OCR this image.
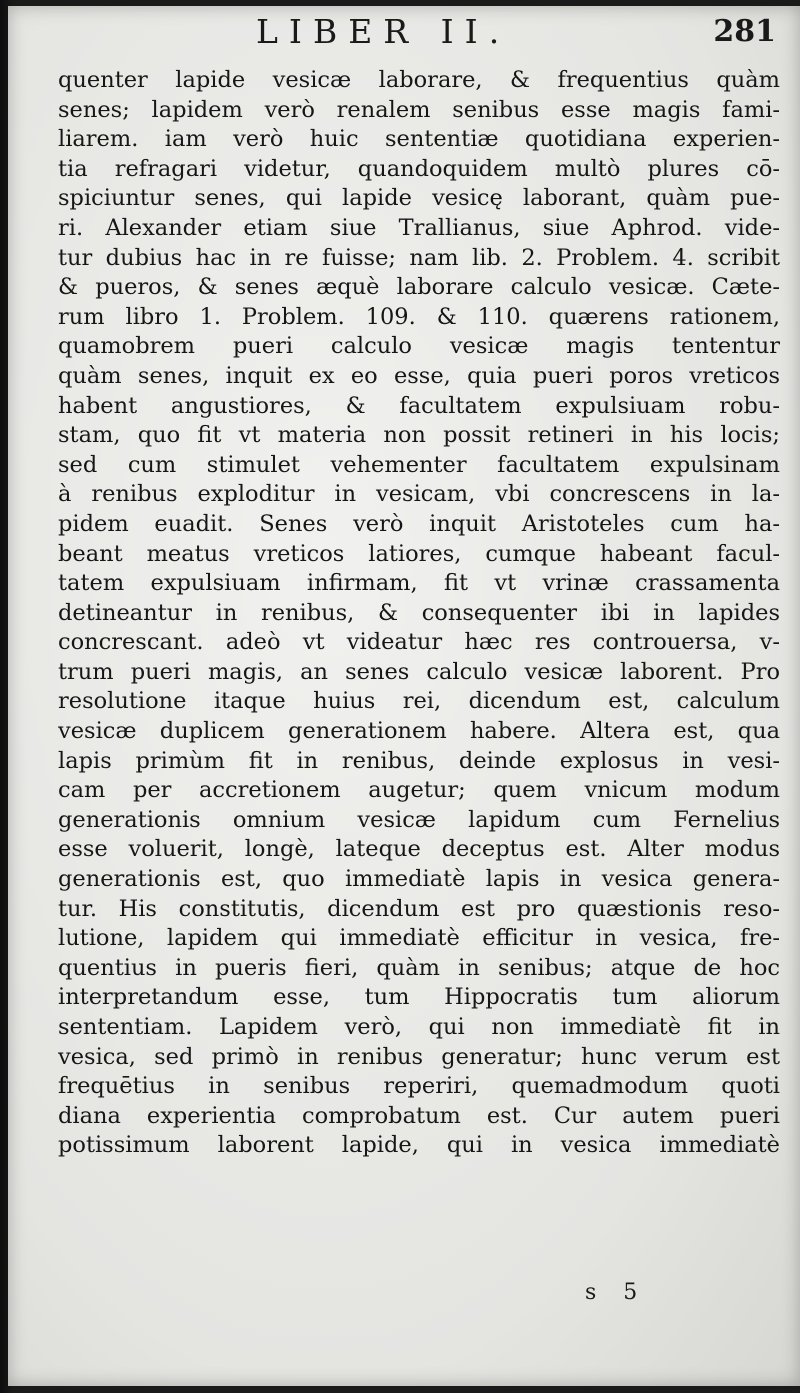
LIBER II.	281
quenter lapide vesicæ laborare, & frequentius quàm
senes; lapidem verò renalem senibus esse magis fami-
liarem. iam verò huic sententiæ quotidiana experien-
tia refragari videtur, quandoquidem multò plures cō-
spiciuntur senes, qui lapide vesicę laborant, quàm pue-
ri. Alexander etiam siue Trallianus, siue Aphrod. vide-
tur dubius hac in re fuisse; nam lib. 2. Problem. 4. scribit
& pueros, & senes æquè laborare calculo vesicæ. Cæte-
rum libro 1. Problem. 109. & 110. quærens rationem,
quamobrem pueri calculo vesicæ magis tententur
quàm senes, inquit ex eo esse, quia pueri poros vreticos
habent angustiores, & facultatem expulsiuam robu-
stam, quo fit vt materia non possit retineri in his locis;
sed cum stimulet vehementer facultatem expulsinam
à renibus exploditur in vesicam, vbi concrescens in la-
pidem euadit. Senes verò inquit Aristoteles cum ha-
beant meatus vreticos latiores, cumque habeant facul-
tatem expulsiuam infirmam, fit vt vrinæ crassamenta
detineantur in renibus, & consequenter ibi in lapides
concrescant. adeò vt videatur hæc res controuersa, v-
trum pueri magis, an senes calculo vesicæ laborent. Pro
resolutione itaque huius rei, dicendum est, calculum
vesicæ duplicem generationem habere. Altera est, qua
lapis primùm fit in renibus, deinde explosus in vesi-
cam per accretionem augetur; quem vnicum modum
generationis omnium vesicæ lapidum cum Fernelius
esse voluerit, longè, lateque deceptus est. Alter modus
generationis est, quo immediatè lapis in vesica genera-
tur. His constitutis, dicendum est pro quæstionis reso-
lutione, lapidem qui immediatè efficitur in vesica, fre-
quentius in pueris fieri, quàm in senibus; atque de hoc
interpretandum esse, tum Hippocratis tum aliorum
sententiam. Lapidem verò, qui non immediatè fit in
vesica, sed primò in renibus generatur; hunc verum est
frequētius in senibus reperiri, quemadmodum quoti
diana experientia comprobatum est. Cur autem pueri
potissimum laborent lapide, qui in vesica immediatè
s 5
